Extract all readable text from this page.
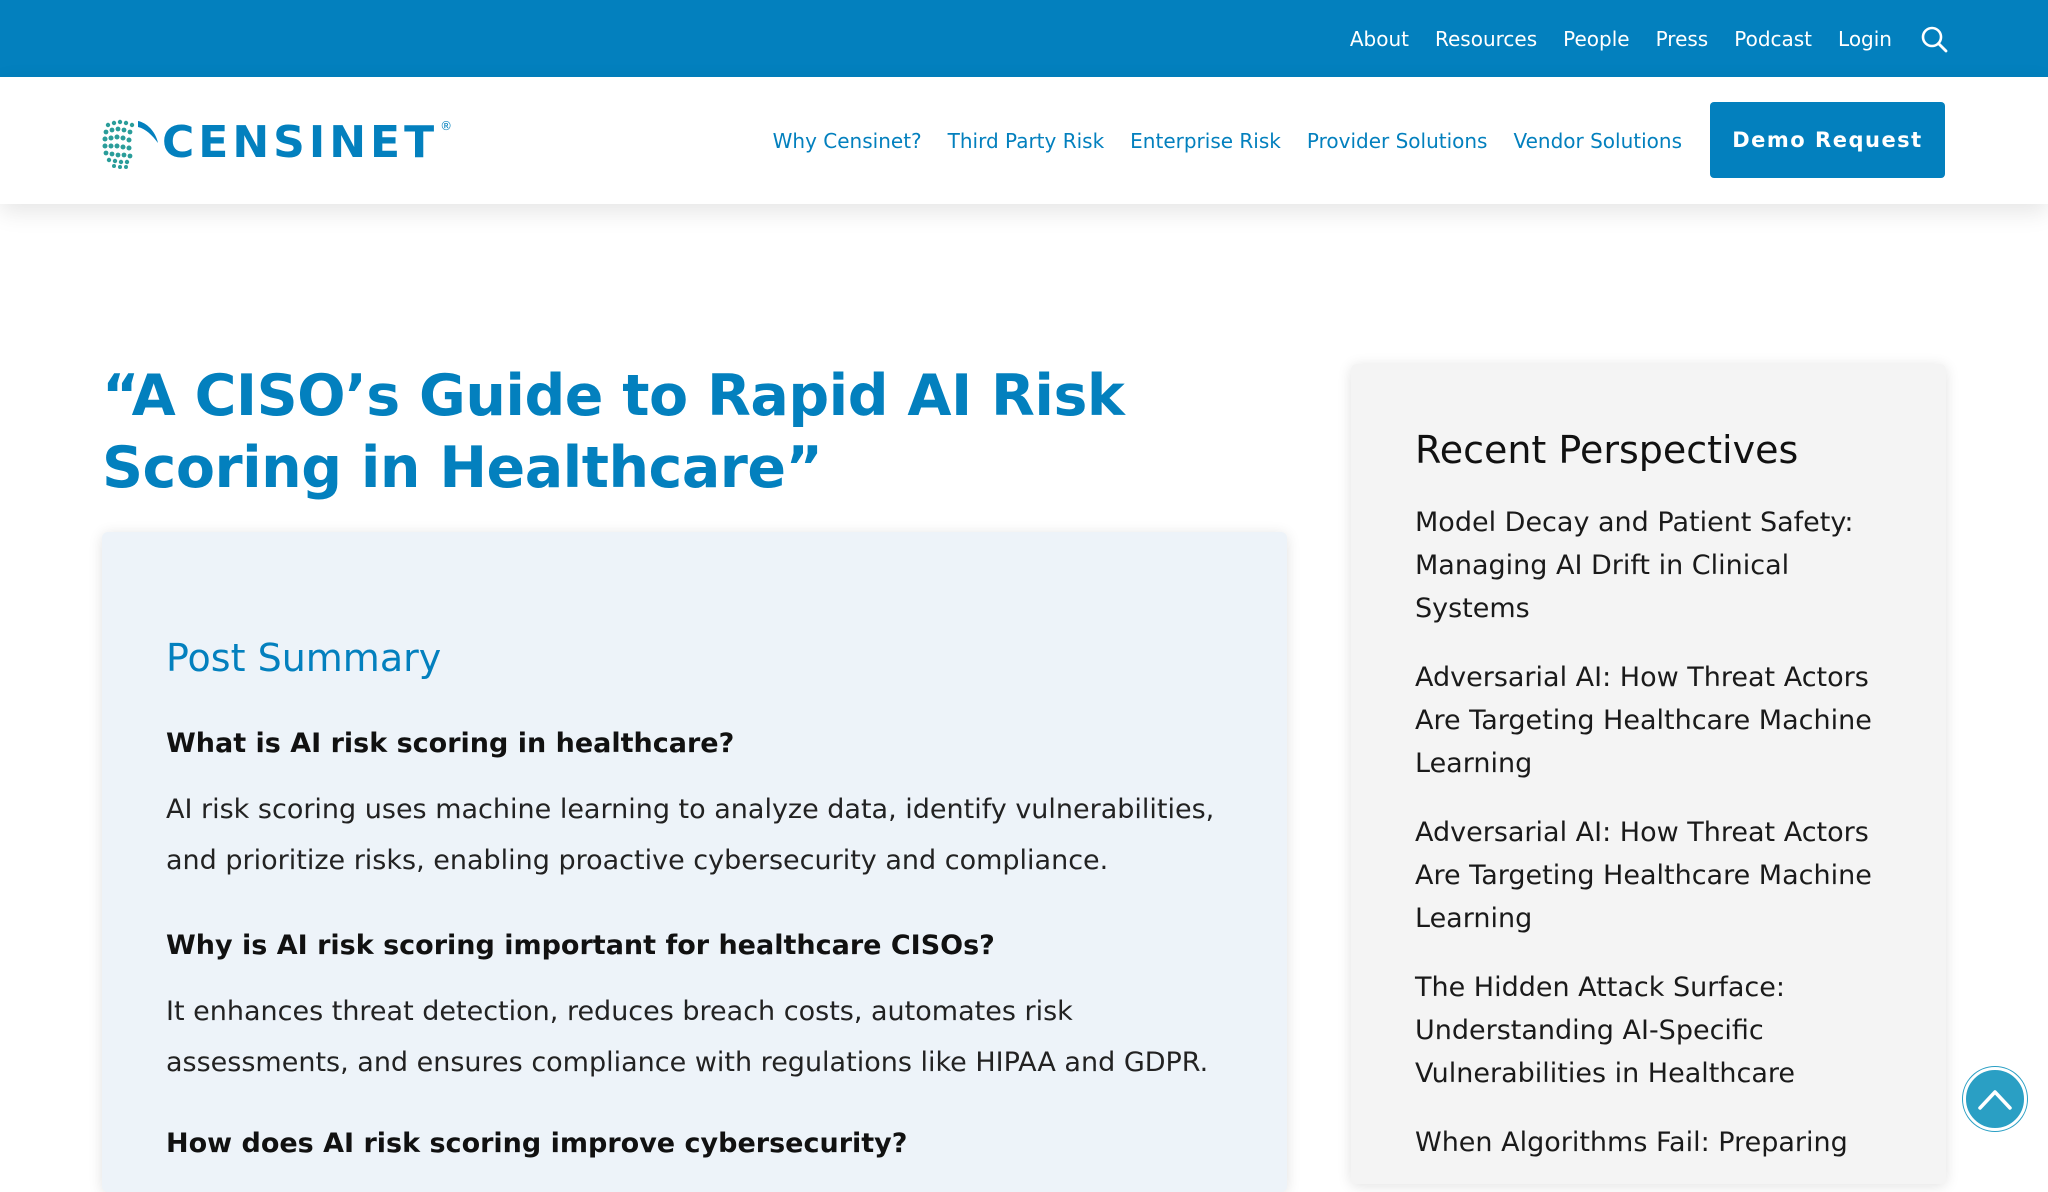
About Resources People Press Podcast Login
CENSINET ®
Why Censinet? Third Party Risk Enterprise Risk Provider Solutions Vendor Solutions	Demo Request
“A CISO’s Guide to Rapid AI Risk Scoring in Healthcare”
Post Summary
What is AI risk scoring in healthcare?

AI risk scoring uses machine learning to analyze data, identify vulnerabilities, and prioritize risks, enabling proactive cybersecurity and compliance.

Why is AI risk scoring important for healthcare CISOs?

It enhances threat detection, reduces breach costs, automates risk assessments, and ensures compliance with regulations like HIPAA and GDPR.

How does AI risk scoring improve cybersecurity?
Recent Perspectives
Model Decay and Patient Safety: Managing AI Drift in Clinical Systems
Adversarial AI: How Threat Actors Are Targeting Healthcare Machine Learning
Adversarial AI: How Threat Actors Are Targeting Healthcare Machine Learning
The Hidden Attack Surface: Understanding AI-Specific Vulnerabilities in Healthcare
When Algorithms Fail: Preparing
